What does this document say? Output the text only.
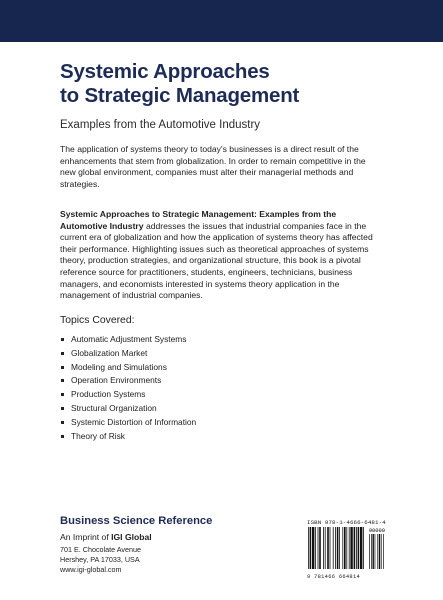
Systemic Approaches
to Strategic Management
Examples from the Automotive Industry
The application of systems theory to today's businesses is a direct result of the enhancements that stem from globalization. In order to remain competitive in the new global environment, companies must alter their managerial methods and strategies.
Systemic Approaches to Strategic Management: Examples from the Automotive Industry addresses the issues that industrial companies face in the current era of globalization and how the application of systems theory has affected their performance. Highlighting issues such as theoretical approaches of systems theory, production strategies, and organizational structure, this book is a pivotal reference source for practitioners, students, engineers, technicians, business managers, and economists interested in systems theory application in the management of industrial companies.
Topics Covered:
Automatic Adjustment Systems
Globalization Market
Modeling and Simulations
Operation Environments
Production Systems
Structural Organization
Systemic Distortion of Information
Theory of Risk
Business Science Reference
An Imprint of IGI Global
701 E. Chocolate Avenue
Hershey, PA 17033, USA
www.igi-global.com
ISBN 978-1-4666-6481-4
90000
9 781466 664814
